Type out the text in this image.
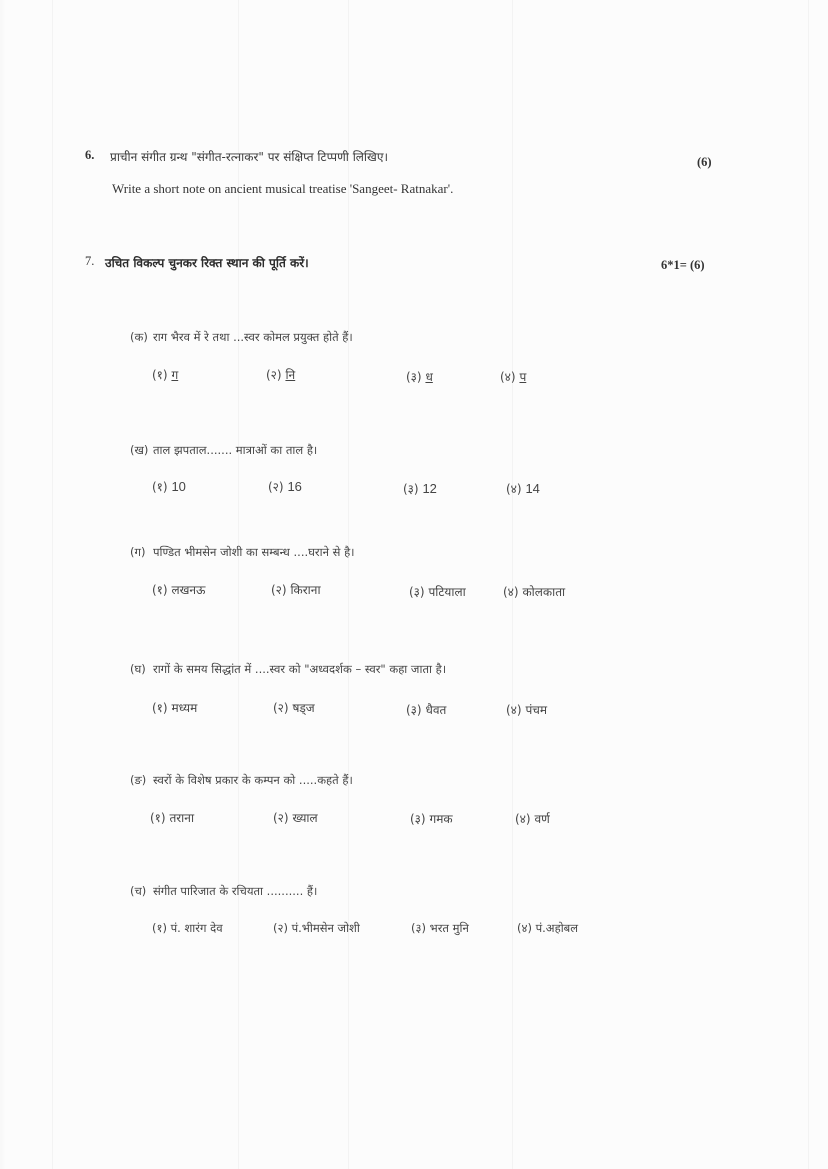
6. प्राचीन संगीत ग्रन्थ "संगीत-रत्नाकर" पर संक्षिप्त टिप्पणी लिखिए।	(6)
Write a short note on ancient musical treatise 'Sangeet- Ratnakar'.
7. उचित विकल्प चुनकर रिक्त स्थान की पूर्ति करें।	6*1= (6)
(क) राग भैरव में रे तथा ...स्वर कोमल प्रयुक्त होते हैं।
(१) ग	(२) नि	(३) ध	(४) प
(ख) ताल झपताल....... मात्राओं का ताल है।
(१) 10	(२) 16	(३) 12	(४) 14
(ग) पण्डित भीमसेन जोशी का सम्बन्ध ....घराने से है।
(१) लखनऊ	(२) किराना	(३) पटियाला	(४) कोलकाता
(घ) रागों के समय सिद्धांत में ....स्वर को "अध्वदर्शक – स्वर" कहा जाता है।
(१) मध्यम	(२) षड्ज	(३) धैवत	(४) पंचम
(ङ) स्वरों के विशेष प्रकार के कम्पन को .....कहते हैं।
(१) तराना	(२) ख्याल	(३) गमक	(४) वर्ण
(च) संगीत पारिजात के रचियता .......... हैं।
(१) पं. शारंग देव	(२) पं.भीमसेन जोशी	(३) भरत मुनि	(४) पं.अहोबल
